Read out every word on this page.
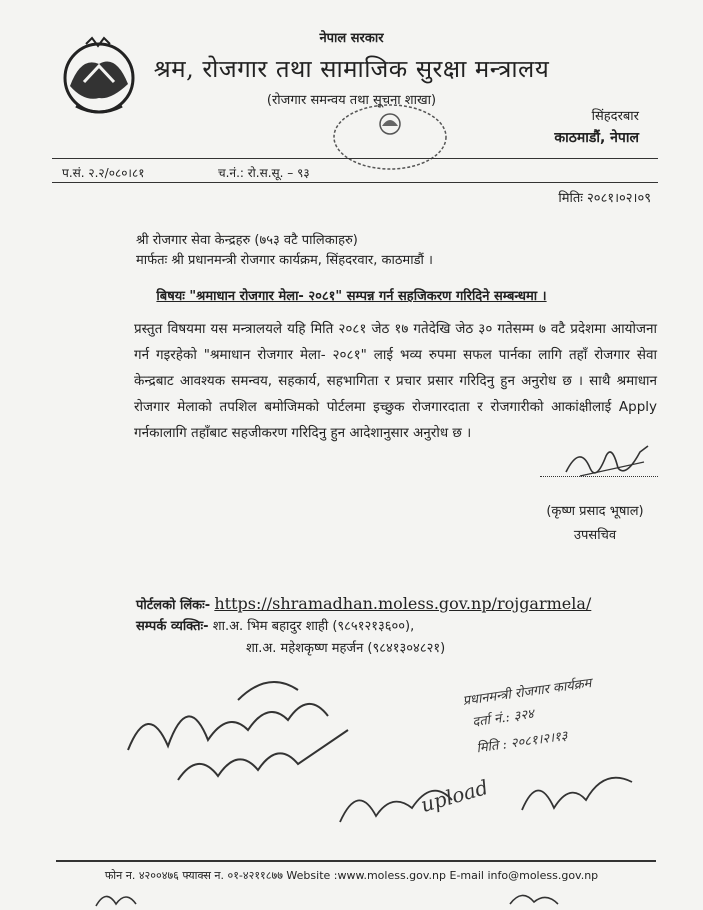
नेपाल सरकार
श्रम, रोजगार तथा सामाजिक सुरक्षा मन्त्रालय
(रोजगार समन्वय तथा सूचना शाखा)
सिंहदरबार
काठमाडौं, नेपाल
प.सं. २.२/०८०।८१	च.नं.: रो.स.सू. – ९३
मितिः २०८१।०२।०९
श्री रोजगार सेवा केन्द्रहरु (७५३ वटै पालिकाहरु)
मार्फतः श्री प्रधानमन्त्री रोजगार कार्यक्रम, सिंहदरवार, काठमाडौं ।
बिषयः "श्रमाधान रोजगार मेला- २०८१" सम्पन्न गर्न सहजिकरण गरिदिने सम्बन्धमा ।
प्रस्तुत विषयमा यस मन्त्रालयले यहि मिति २०८१ जेठ १७ गतेदेखि जेठ ३० गतेसम्म ७ वटै प्रदेशमा आयोजना गर्न गइरहेको "श्रमाधान रोजगार मेला- २०८१" लाई भव्य रुपमा सफल पार्नका लागि तहाँ रोजगार सेवा केन्द्रबाट आवश्यक समन्वय, सहकार्य, सहभागिता र प्रचार प्रसार गरिदिनु हुन अनुरोध छ । साथै श्रमाधान रोजगार मेलाको तपशिल बमोजिमको पोर्टलमा इच्छुक रोजगारदाता र रोजगारीको आकांक्षीलाई Apply गर्नकालागि तहाँबाट सहजीकरण गरिदिनु हुन आदेशानुसार अनुरोध छ ।
(कृष्ण प्रसाद भूषाल)
उपसचिव
पोर्टलको लिंकः- https://shramadhan.moless.gov.np/rojgarmela/
सम्पर्क व्यक्तिः- शा.अ. भिम बहादुर शाही (९८५१२१३६००),
शा.अ. महेशकृष्ण महर्जन (९८४१३०४८२१)
प्रधानमन्त्री रोजगार कार्यक्रम
दर्ता नं.: ३२४
मिति : २०८१।२।१३
upload
फोन न. ४२००४७६ फ्याक्स न. ०१-४२११८७७ Website :www.moless.gov.np E-mail info@moless.gov.np
